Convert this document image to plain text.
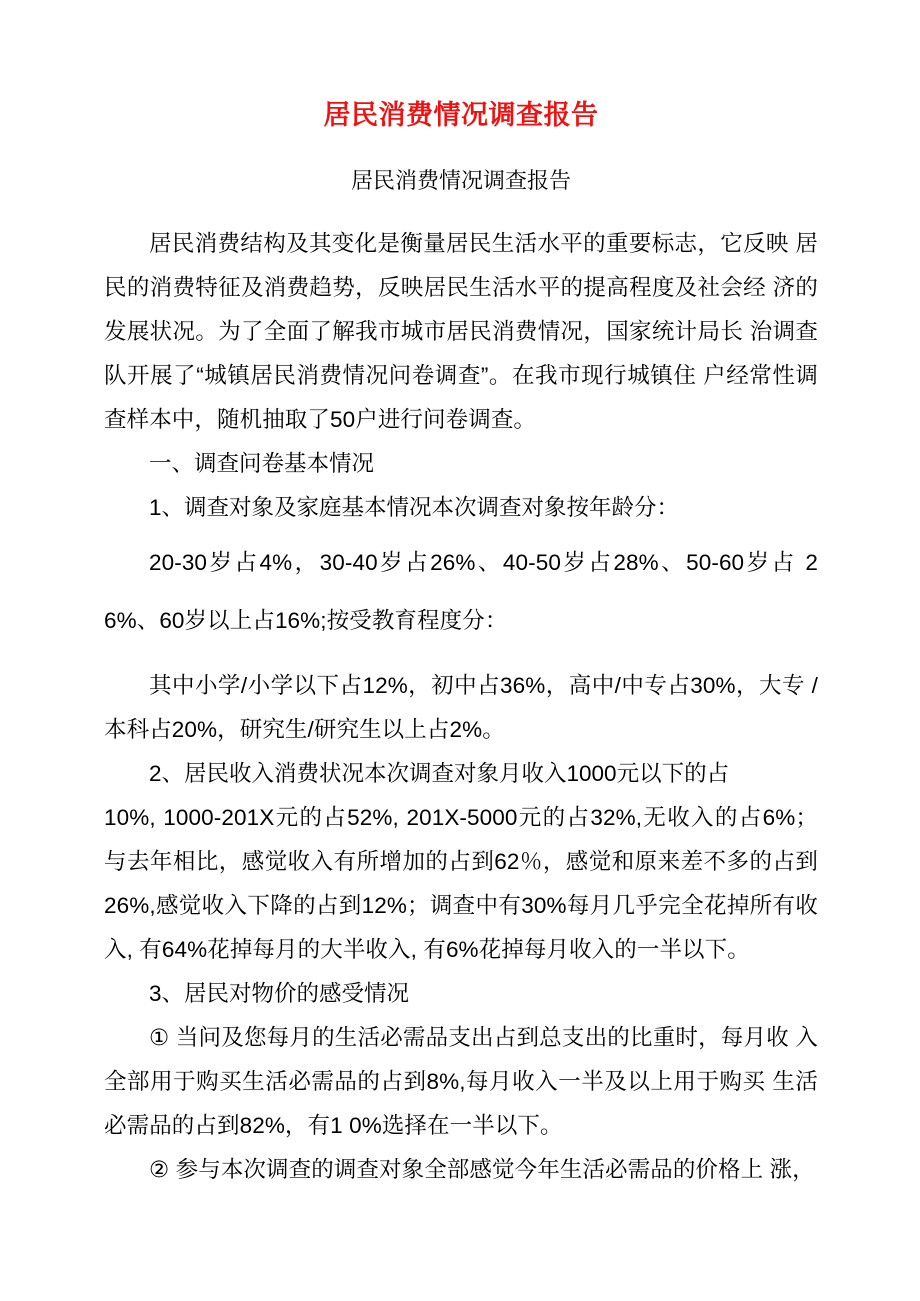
居民消费情况调查报告
居民消费情况调查报告

居民消费结构及其变化是衡量居民生活水平的重要标志，它反映 居民的消费特征及消费趋势，反映居民生活水平的提高程度及社会经 济的发展状况。为了全面了解我市城市居民消费情况，国家统计局长 治调查队开展了“城镇居民消费情况问卷调查”。在我市现行城镇住 户经常性调查样本中，随机抽取了50户进行问卷调查。

一、调查问卷基本情况

1、调查对象及家庭基本情况本次调查对象按年龄分：

20-30岁占4%，30-40岁占26%、40-50岁占28%、50-60岁占 26%、60岁以上占16%;按受教育程度分：

其中小学/小学以下占12%，初中占36%，高中/中专占30%，大专 /本科占20%，研究生/研究生以上占2%。

2、居民收入消费状况本次调查对象月收入1000元以下的占

10%, 1000-201X元的占52%, 201X-5000元的占32%,无收入的占6%；与去年相比，感觉收入有所增加的占到62％，感觉和原来差不多的占到 26%,感觉收入下降的占到12%；调查中有30%每月几乎完全花掉所有收 入, 有64%花掉每月的大半收入, 有6%花掉每月收入的一半以下。

3、居民对物价的感受情况

① 当问及您每月的生活必需品支出占到总支出的比重时，每月收 入全部用于购买生活必需品的占到8%,每月收入一半及以上用于购买 生活必需品的占到82%，有1 0%选择在一半以下。

② 参与本次调查的调查对象全部感觉今年生活必需品的价格上 涨，
